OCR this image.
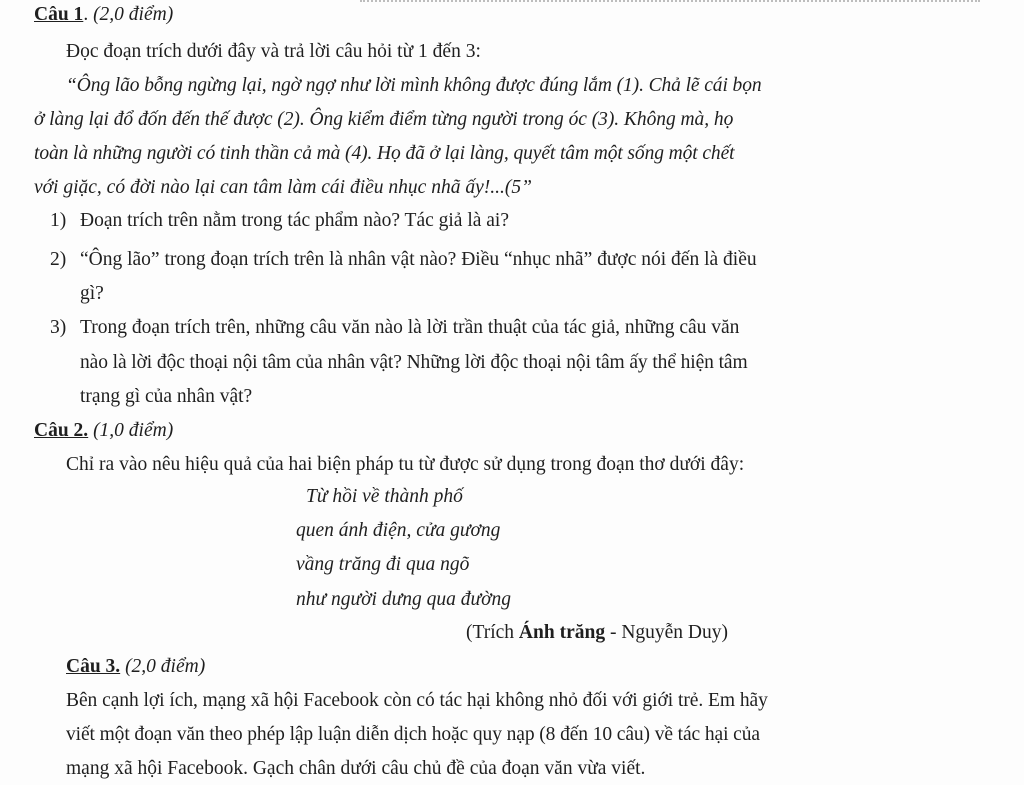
Câu 1. (2,0 điểm)
Đọc đoạn trích dưới đây và trả lời câu hỏi từ 1 đến 3:
“Ông lão bỗng ngừng lại, ngờ ngợ như lời mình không được đúng lắm (1). Chả lẽ cái bọn
ở làng lại đổ đốn đến thế được (2). Ông kiểm điểm từng người trong óc (3). Không mà, họ
toàn là những người có tinh thần cả mà (4). Họ đã ở lại làng, quyết tâm một sống một chết
với giặc, có đời nào lại can tâm làm cái điều nhục nhã ấy!...(5”
1) Đoạn trích trên nằm trong tác phẩm nào? Tác giả là ai?
2) “Ông lão” trong đoạn trích trên là nhân vật nào? Điều “nhục nhã” được nói đến là điều
gì?
3) Trong đoạn trích trên, những câu văn nào là lời trần thuật của tác giả, những câu văn
nào là lời độc thoại nội tâm của nhân vật? Những lời độc thoại nội tâm ấy thể hiện tâm
trạng gì của nhân vật?
Câu 2. (1,0 điểm)
Chỉ ra vào nêu hiệu quả của hai biện pháp tu từ được sử dụng trong đoạn thơ dưới đây:
Từ hồi về thành phố
quen ánh điện, cửa gương
vầng trăng đi qua ngõ
như người dưng qua đường
(Trích Ánh trăng - Nguyễn Duy)
Câu 3. (2,0 điểm)
Bên cạnh lợi ích, mạng xã hội Facebook còn có tác hại không nhỏ đối với giới trẻ. Em hãy
viết một đoạn văn theo phép lập luận diễn dịch hoặc quy nạp (8 đến 10 câu) về tác hại của
mạng xã hội Facebook. Gạch chân dưới câu chủ đề của đoạn văn vừa viết.
